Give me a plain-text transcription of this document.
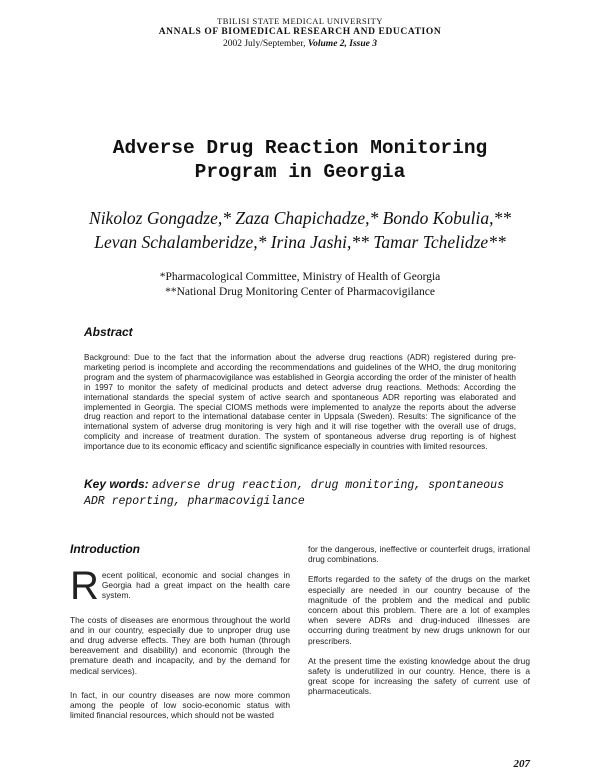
TBILISI STATE MEDICAL UNIVERSITY
ANNALS OF BIOMEDICAL RESEARCH AND EDUCATION
2002 July/September, Volume 2, Issue 3
Adverse Drug Reaction Monitoring
Program in Georgia
Nikoloz Gongadze,* Zaza Chapichadze,* Bondo Kobulia,**
Levan Schalamberidze,* Irina Jashi,** Tamar Tchelidze**
*Pharmacological Committee, Ministry of Health of Georgia
**National Drug Monitoring Center of Pharmacovigilance
Abstract
Background: Due to the fact that the information about the adverse drug reactions (ADR) registered during pre-marketing period is incomplete and according the recommendations and guidelines of the WHO, the drug monitoring program and the system of pharmacovigilance was established in Georgia according the order of the minister of health in 1997 to monitor the safety of medicinal products and detect adverse drug reactions. Methods: According the international standards the special system of active search and spontaneous ADR reporting was elaborated and implemented in Georgia. The special CIOMS methods were implemented to analyze the reports about the adverse drug reaction and report to the international database center in Uppsala (Sweden). Results: The significance of the international system of adverse drug monitoring is very high and it will rise together with the overall use of drugs, complicity and increase of treatment duration. The system of spontaneous adverse drug reporting is of highest importance due to its economic efficacy and scientific significance especially in countries with limited resources.
Key words: adverse drug reaction, drug monitoring, spontaneous ADR reporting, pharmacovigilance
Introduction

Recent political, economic and social changes in Georgia had a great impact on the health care system.

The costs of diseases are enormous throughout the world and in our country, especially due to unproper drug use and drug adverse effects. They are both human (through bereavement and disability) and economic (through the premature death and incapacity, and by the demand for medical services).

In fact, in our country diseases are now more common among the people of low socio-economic status with limited financial resources, which should not be wasted

for the dangerous, ineffective or counterfeit drugs, irrational drug combinations.

Efforts regarded to the safety of the drugs on the market especially are needed in our country because of the magnitude of the problem and the medical and public concern about this problem. There are a lot of examples when severe ADRs and drug-induced illnesses are occurring during treatment by new drugs unknown for our prescribers.

At the present time the existing knowledge about the drug safety is underutilized in our country. Hence, there is a great scope for increasing the safety of current use of pharmaceuticals.

207
